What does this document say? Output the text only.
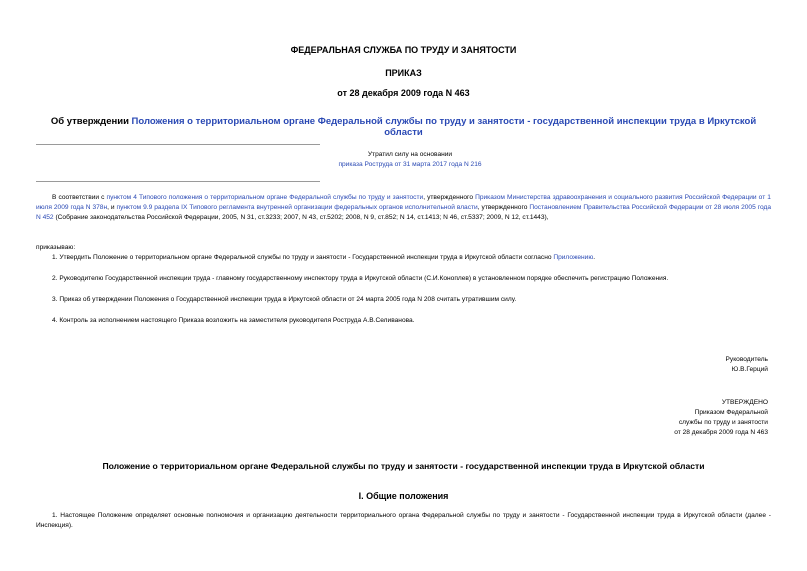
ФЕДЕРАЛЬНАЯ СЛУЖБА ПО ТРУДУ И ЗАНЯТОСТИ
ПРИКАЗ
от 28 декабря 2009 года N 463
Об утверждении Положения о территориальном органе Федеральной службы по труду и занятости - государственной инспекции труда в Иркутской области
Утратил силу на основании
приказа Роструда от 31 марта 2017 года N 216
В соответствии с пунктом 4 Типового положения о территориальном органе Федеральной службы по труду и занятости, утвержденного Приказом Министерства здравоохранения и социального развития Российской Федерации от 1 июля 2009 года N 378н, и пунктом 9.9 раздела IX Типового регламента внутренней организации федеральных органов исполнительной власти, утвержденного Постановлением Правительства Российской Федерации от 28 июля 2005 года N 452 (Собрание законодательства Российской Федерации, 2005, N 31, ст.3233; 2007, N 43, ст.5202; 2008, N 9, ст.852; N 14, ст.1413; N 46, ст.5337; 2009, N 12, ст.1443),
приказываю:
1. Утвердить Положение о территориальном органе Федеральной службы по труду и занятости - Государственной инспекции труда в Иркутской области согласно Приложению.
2. Руководителю Государственной инспекции труда - главному государственному инспектору труда в Иркутской области (С.И.Коноплев) в установленном порядке обеспечить регистрацию Положения.
3. Приказ об утверждении Положения о Государственной инспекции труда в Иркутской области от 24 марта 2005 года N 208 считать утратившим силу.
4. Контроль за исполнением настоящего Приказа возложить на заместителя руководителя Роструда А.В.Селиванова.
Руководитель
Ю.В.Герций
УТВЕРЖДЕНО
Приказом Федеральной
службы по труду и занятости
от 28 декабря 2009 года N 463
Положение о территориальном органе Федеральной службы по труду и занятости - государственной инспекции труда в Иркутской области
I. Общие положения
1. Настоящее Положение определяет основные полномочия и организацию деятельности территориального органа Федеральной службы по труду и занятости - Государственной инспекции труда в Иркутской области (далее - Инспекция).
